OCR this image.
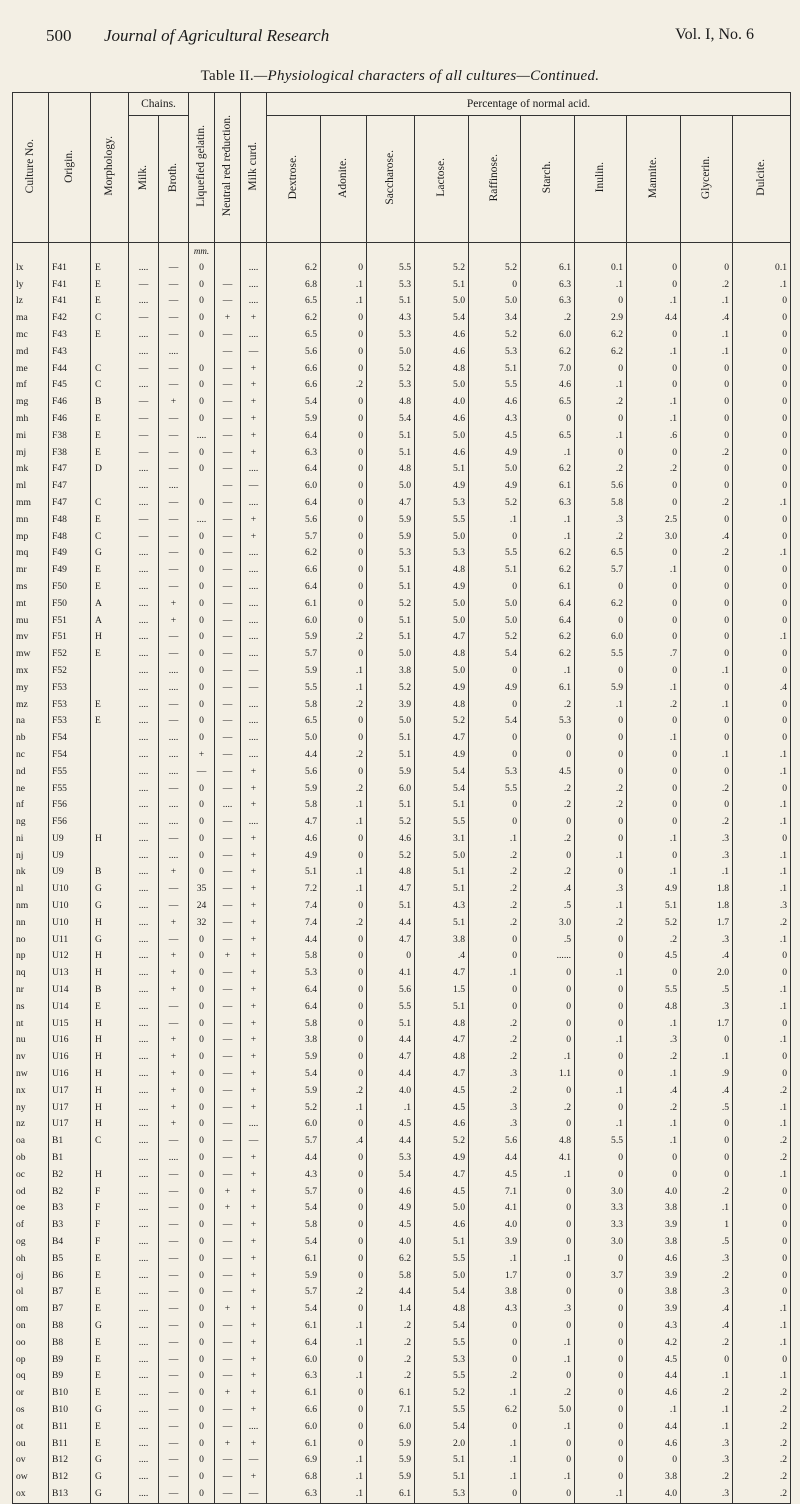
500 Journal of Agricultural Research	Vol. I, No. 6
Table II.—Physiological characters of all cultures—Continued.
Culture No.	Origin.	Morphology.	Chains.		Liquefied gelatin.	Neutral red reduction.	Milk curd.	Percentage of normal acid.									
			Milk.	Broth.				Dextrose.	Adonite.	Saccharose.	Lactose.	Raffinose.	Starch.	Inulin.	Mannite.	Glycerin.	Dulcite.
					mm.												
lx	F41	E	....	—	0		....	6.2	0	5.5	5.2	5.2	6.1	0.1	0	0	0.1
ly	F41	E	—	—	0	—	....	6.8	.1	5.3	5.1	0	6.3	.1	0	.2	.1
lz	F41	E	....	—	0	—	....	6.5	.1	5.1	5.0	5.0	6.3	0	.1	.1	0
ma	F42	C	—	—	0	+	+	6.2	0	4.3	5.4	3.4	.2	2.9	4.4	.4	0
mc	F43	E	....	—	0	—	....	6.5	0	5.3	4.6	5.2	6.0	6.2	0	.1	0
md	F43		....	....		—	—	5.6	0	5.0	4.6	5.3	6.2	6.2	.1	.1	0
me	F44	C	—	—	0	—	+	6.6	0	5.2	4.8	5.1	7.0	0	0	0	0
mf	F45	C	....	—	0	—	+	6.6	.2	5.3	5.0	5.5	4.6	.1	0	0	0
mg	F46	B	—	+	0	—	+	5.4	0	4.8	4.0	4.6	6.5	.2	.1	0	0
mh	F46	E	—	—	0	—	+	5.9	0	5.4	4.6	4.3	0	0	.1	0	0
mi	F38	E	—	—	....	—	+	6.4	0	5.1	5.0	4.5	6.5	.1	.6	0	0
mj	F38	E	—	—	0	—	+	6.3	0	5.1	4.6	4.9	.1	0	0	.2	0
mk	F47	D	....	—	0	—	....	6.4	0	4.8	5.1	5.0	6.2	.2	.2	0	0
ml	F47		....	....		—	—	6.0	0	5.0	4.9	4.9	6.1	5.6	0	0	0
mm	F47	C	....	—	0	—	....	6.4	0	4.7	5.3	5.2	6.3	5.8	0	.2	.1
mn	F48	E	—	—	....	—	+	5.6	0	5.9	5.5	.1	.1	.3	2.5	0	0
mp	F48	C	—	—	0	—	+	5.7	0	5.9	5.0	0	.1	.2	3.0	.4	0
mq	F49	G	....	—	0	—	....	6.2	0	5.3	5.3	5.5	6.2	6.5	0	.2	.1
mr	F49	E	....	—	0	—	....	6.6	0	5.1	4.8	5.1	6.2	5.7	.1	0	0
ms	F50	E	....	—	0	—	....	6.4	0	5.1	4.9	0	6.1	0	0	0	0
mt	F50	A	....	+	0	—	....	6.1	0	5.2	5.0	5.0	6.4	6.2	0	0	0
mu	F51	A	....	+	0	—	....	6.0	0	5.1	5.0	5.0	6.4	0	0	0	0
mv	F51	H	....	—	0	—	....	5.9	.2	5.1	4.7	5.2	6.2	6.0	0	0	.1
mw	F52	E	....	—	0	—	....	5.7	0	5.0	4.8	5.4	6.2	5.5	.7	0	0
mx	F52		....	....	0	—	—	5.9	.1	3.8	5.0	0	.1	0	0	.1	0
my	F53		....	....	0	—	—	5.5	.1	5.2	4.9	4.9	6.1	5.9	.1	0	.4
mz	F53	E	....	—	0	—	....	5.8	.2	3.9	4.8	0	.2	.1	.2	.1	0
na	F53	E	....	—	0	—	....	6.5	0	5.0	5.2	5.4	5.3	0	0	0	0
nb	F54		....	....	0	—	....	5.0	0	5.1	4.7	0	0	0	.1	0	0
nc	F54		....	....	+	—	....	4.4	.2	5.1	4.9	0	0	0	0	.1	.1
nd	F55		....	....	—	—	+	5.6	0	5.9	5.4	5.3	4.5	0	0	0	.1
ne	F55		....	—	0	—	+	5.9	.2	6.0	5.4	5.5	.2	.2	0	.2	0
nf	F56		....	....	0	....	+	5.8	.1	5.1	5.1	0	.2	.2	0	0	.1
ng	F56		....	....	0	—	....	4.7	.1	5.2	5.5	0	0	0	0	.2	.1
ni	U9	H	....	—	0	—	+	4.6	0	4.6	3.1	.1	.2	0	.1	.3	0
nj	U9		....	....	0	—	+	4.9	0	5.2	5.0	.2	0	.1	0	.3	.1
nk	U9	B	....	+	0	—	+	5.1	.1	4.8	5.1	.2	.2	0	.1	.1	.1
nl	U10	G	....	—	35	—	+	7.2	.1	4.7	5.1	.2	.4	.3	4.9	1.8	.1
nm	U10	G	....	—	24	—	+	7.4	0	5.1	4.3	.2	.5	.1	5.1	1.8	.3
nn	U10	H	....	+	32	—	+	7.4	.2	4.4	5.1	.2	3.0	.2	5.2	1.7	.2
no	U11	G	....	—	0	—	+	4.4	0	4.7	3.8	0	.5	0	.2	.3	.1
np	U12	H	....	+	0	+	+	5.8	0	0	.4	0	......	0	4.5	.4	0
nq	U13	H	....	+	0	—	+	5.3	0	4.1	4.7	.1	0	.1	0	2.0	0
nr	U14	B	....	+	0	—	+	6.4	0	5.6	1.5	0	0	0	5.5	.5	.1
ns	U14	E	....	—	0	—	+	6.4	0	5.5	5.1	0	0	0	4.8	.3	.1
nt	U15	H	....	—	0	—	+	5.8	0	5.1	4.8	.2	0	0	.1	1.7	0
nu	U16	H	....	+	0	—	+	3.8	0	4.4	4.7	.2	0	.1	.3	0	.1
nv	U16	H	....	+	0	—	+	5.9	0	4.7	4.8	.2	.1	0	.2	.1	0
nw	U16	H	....	+	0	—	+	5.4	0	4.4	4.7	.3	1.1	0	.1	.9	0
nx	U17	H	....	+	0	—	+	5.9	.2	4.0	4.5	.2	0	.1	.4	.4	.2
ny	U17	H	....	+	0	—	+	5.2	.1	.1	4.5	.3	.2	0	.2	.5	.1
nz	U17	H	....	+	0	—	....	6.0	0	4.5	4.6	.3	0	.1	.1	0	.1
oa	B1	C	....	—	0	—	—	5.7	.4	4.4	5.2	5.6	4.8	5.5	.1	0	.2
ob	B1		....	....	0	—	+	4.4	0	5.3	4.9	4.4	4.1	0	0	0	.2
oc	B2	H	....	—	0	—	+	4.3	0	5.4	4.7	4.5	.1	0	0	0	.1
od	B2	F	....	—	0	+	+	5.7	0	4.6	4.5	7.1	0	3.0	4.0	.2	0
oe	B3	F	....	—	0	+	+	5.4	0	4.9	5.0	4.1	0	3.3	3.8	.1	0
of	B3	F	....	—	0	—	+	5.8	0	4.5	4.6	4.0	0	3.3	3.9	1	0
og	B4	F	....	—	0	—	+	5.4	0	4.0	5.1	3.9	0	3.0	3.8	.5	0
oh	B5	E	....	—	0	—	+	6.1	0	6.2	5.5	.1	.1	0	4.6	.3	0
oj	B6	E	....	—	0	—	+	5.9	0	5.8	5.0	1.7	0	3.7	3.9	.2	0
ol	B7	E	....	—	0	—	+	5.7	.2	4.4	5.4	3.8	0	0	3.8	.3	0
om	B7	E	....	—	0	+	+	5.4	0	1.4	4.8	4.3	.3	0	3.9	.4	.1
on	B8	G	....	—	0	—	+	6.1	.1	.2	5.4	0	0	0	4.3	.4	.1
oo	B8	E	....	—	0	—	+	6.4	.1	.2	5.5	0	.1	0	4.2	.2	.1
op	B9	E	....	—	0	—	+	6.0	0	.2	5.3	0	.1	0	4.5	0	0
oq	B9	E	....	—	0	—	+	6.3	.1	.2	5.5	.2	0	0	4.4	.1	.1
or	B10	E	....	—	0	+	+	6.1	0	6.1	5.2	.1	.2	0	4.6	.2	.2
os	B10	G	....	—	0	—	+	6.6	0	7.1	5.5	6.2	5.0	0	.1	.1	.2
ot	B11	E	....	—	0	—	....	6.0	0	6.0	5.4	0	.1	0	4.4	.1	.2
ou	B11	E	....	—	0	+	+	6.1	0	5.9	2.0	.1	0	0	4.6	.3	.2
ov	B12	G	....	—	0	—	—	6.9	.1	5.9	5.1	.1	0	0	0	.3	.2
ow	B12	G	....	—	0	—	+	6.8	.1	5.9	5.1	.1	.1	0	3.8	.2	.2
ox	B13	G	....	—	0	—	—	6.3	.1	6.1	5.3	0	0	.1	4.0	.3	.2
